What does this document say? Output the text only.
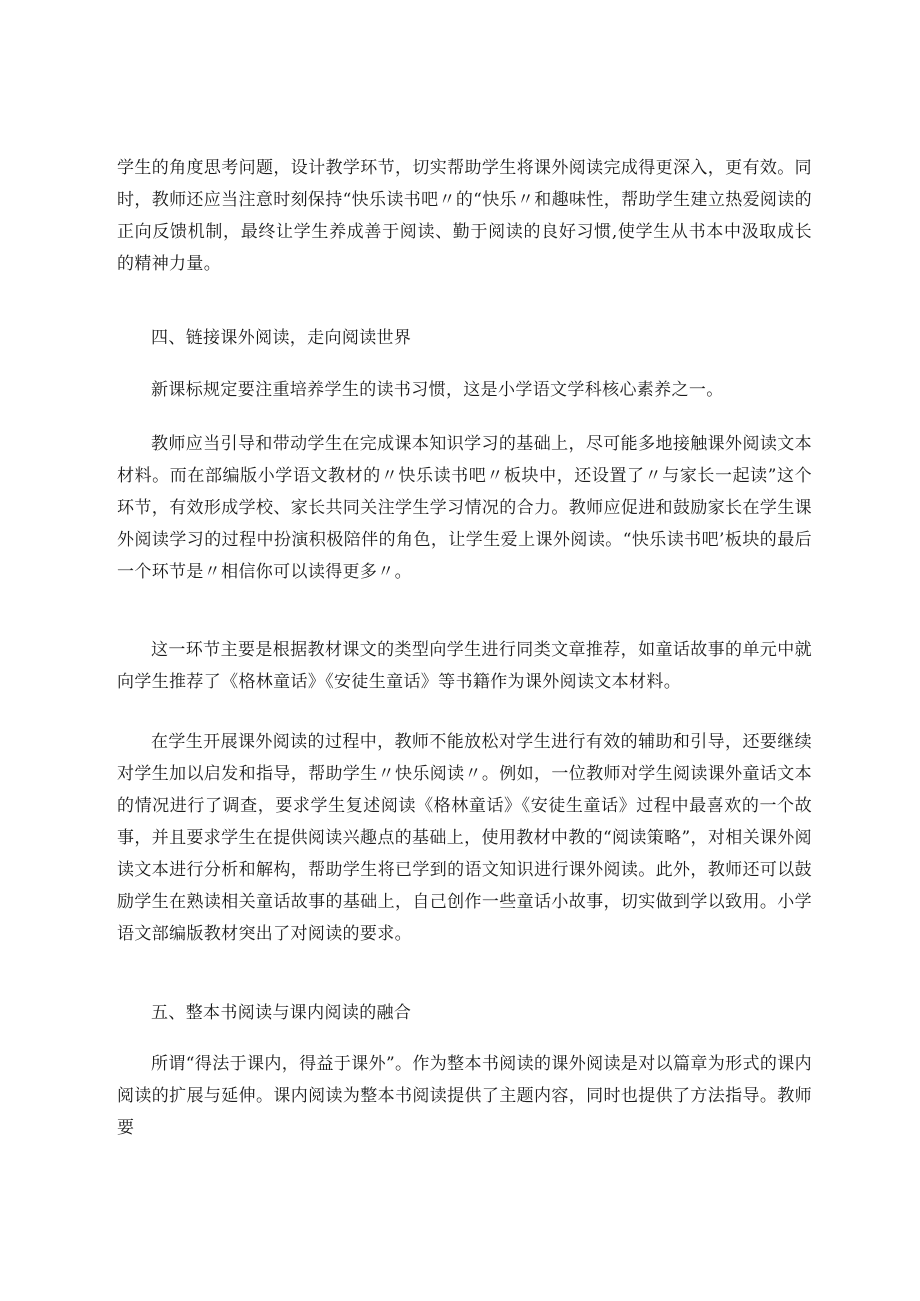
学生的角度思考问题，设计教学环节，切实帮助学生将课外阅读完成得更深入，更有效。同时，教师还应当注意时刻保持“快乐读书吧〃的“快乐〃和趣味性，帮助学生建立热爱阅读的正向反馈机制，最终让学生养成善于阅读、勤于阅读的良好习惯,使学生从书本中汲取成长的精神力量。

四、链接课外阅读，走向阅读世界

新课标规定要注重培养学生的读书习惯，这是小学语文学科核心素养之一。

教师应当引导和带动学生在完成课本知识学习的基础上，尽可能多地接触课外阅读文本材料。而在部编版小学语文教材的〃快乐读书吧〃板块中，还设置了〃与家长一起读”这个环节，有效形成学校、家长共同关注学生学习情况的合力。教师应促进和鼓励家长在学生课外阅读学习的过程中扮演积极陪伴的角色，让学生爱上课外阅读。“快乐读书吧’板块的最后一个环节是〃相信你可以读得更多〃。

这一环节主要是根据教材课文的类型向学生进行同类文章推荐，如童话故事的单元中就向学生推荐了《格林童话》《安徒生童话》等书籍作为课外阅读文本材料。

在学生开展课外阅读的过程中，教师不能放松对学生进行有效的辅助和引导，还要继续对学生加以启发和指导，帮助学生〃快乐阅读〃。例如，一位教师对学生阅读课外童话文本的情况进行了调查，要求学生复述阅读《格林童话》《安徒生童话》过程中最喜欢的一个故事，并且要求学生在提供阅读兴趣点的基础上，使用教材中教的“阅读策略”，对相关课外阅读文本进行分析和解构，帮助学生将已学到的语文知识进行课外阅读。此外，教师还可以鼓励学生在熟读相关童话故事的基础上，自己创作一些童话小故事，切实做到学以致用。小学语文部编版教材突出了对阅读的要求。

五、整本书阅读与课内阅读的融合

所谓“得法于课内，得益于课外”。作为整本书阅读的课外阅读是对以篇章为形式的课内阅读的扩展与延伸。课内阅读为整本书阅读提供了主题内容，同时也提供了方法指导。教师要
